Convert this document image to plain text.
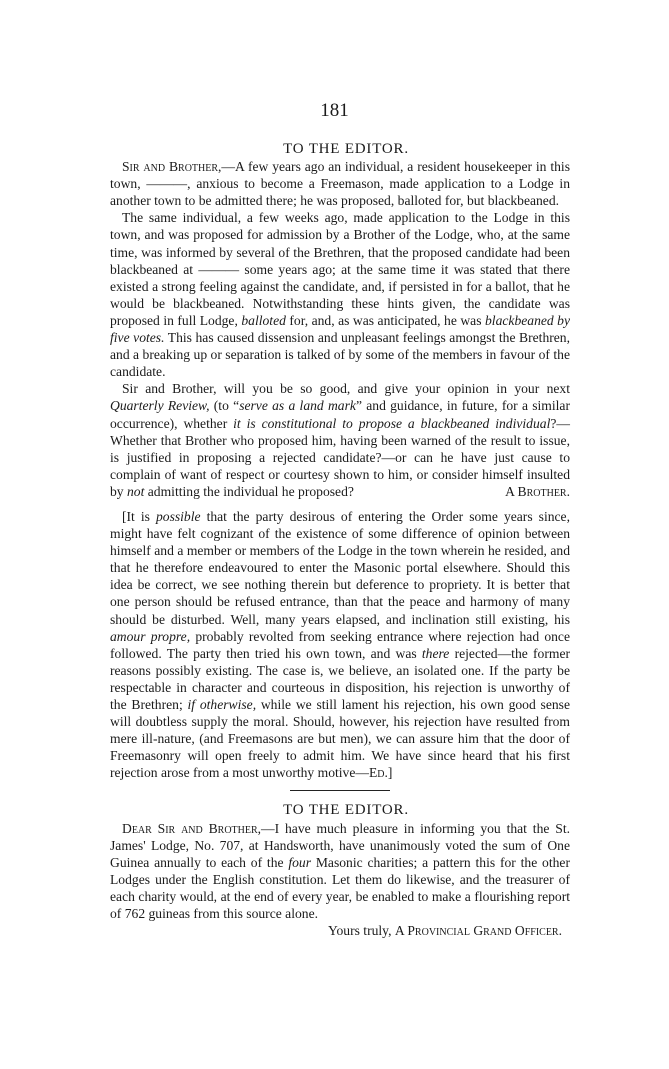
181

TO THE EDITOR.

Sir and Brother,—A few years ago an individual, a resident housekeeper in this town, ———, anxious to become a Freemason, made application to a Lodge in another town to be admitted there; he was proposed, balloted for, but blackbeaned.

The same individual, a few weeks ago, made application to the Lodge in this town, and was proposed for admission by a Brother of the Lodge, who, at the same time, was informed by several of the Brethren, that the proposed candidate had been blackbeaned at ——— some years ago; at the same time it was stated that there existed a strong feeling against the candidate, and, if persisted in for a ballot, that he would be blackbeaned. Notwithstanding these hints given, the candidate was proposed in full Lodge, balloted for, and, as was anticipated, he was blackbeaned by five votes. This has caused dissension and unpleasant feelings amongst the Brethren, and a breaking up or separation is talked of by some of the members in favour of the candidate.

Sir and Brother, will you be so good, and give your opinion in your next Quarterly Review, (to “serve as a land mark” and guidance, in future, for a similar occurrence), whether it is constitutional to propose a blackbeaned individual?—Whether that Brother who proposed him, having been warned of the result to issue, is justified in proposing a rejected candidate?—or can he have just cause to complain of want of respect or courtesy shown to him, or consider himself insulted by not admitting the individual he proposed?	A Brother.

[It is possible that the party desirous of entering the Order some years since, might have felt cognizant of the existence of some difference of opinion between himself and a member or members of the Lodge in the town wherein he resided, and that he therefore endeavoured to enter the Masonic portal elsewhere. Should this idea be correct, we see nothing therein but deference to propriety. It is better that one person should be refused entrance, than that the peace and harmony of many should be disturbed. Well, many years elapsed, and inclination still existing, his amour propre, probably revolted from seeking entrance where rejection had once followed. The party then tried his own town, and was there rejected—the former reasons possibly existing. The case is, we believe, an isolated one. If the party be respectable in character and courteous in disposition, his rejection is unworthy of the Brethren; if otherwise, while we still lament his rejection, his own good sense will doubtless supply the moral. Should, however, his rejection have resulted from mere ill-nature, (and Freemasons are but men), we can assure him that the door of Freemasonry will open freely to admit him. We have since heard that his first rejection arose from a most unworthy motive—Ed.]

TO THE EDITOR.

Dear Sir and Brother,—I have much pleasure in informing you that the St. James' Lodge, No. 707, at Handsworth, have unanimously voted the sum of One Guinea annually to each of the four Masonic charities; a pattern this for the other Lodges under the English constitution. Let them do likewise, and the treasurer of each charity would, at the end of every year, be enabled to make a flourishing report of 762 guineas from this source alone.

Yours truly, A Provincial Grand Officer.
